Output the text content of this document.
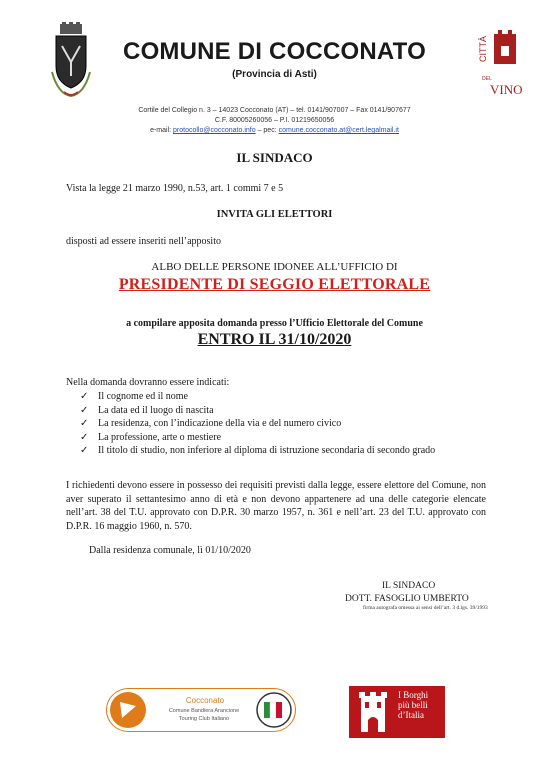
COMUNE DI COCCONATO
(Provincia di Asti)
CITTÀ
DEL
VINO
Cortile del Collegio n. 3 – 14023 Cocconato (AT) – tel. 0141/907007 – Fax 0141/907677
C.F. 80005260056 – P.I. 01219650056
e-mail: protocollo@cocconato.info – pec: comune.cocconato.at@cert.legalmail.it
IL SINDACO
Vista la legge 21 marzo 1990, n.53, art. 1 commi 7 e 5
INVITA GLI ELETTORI
disposti ad essere inseriti nell’apposito
ALBO DELLE PERSONE IDONEE ALL’UFFICIO DI
PRESIDENTE DI SEGGIO ELETTORALE
a compilare apposita domanda presso l’Ufficio Elettorale del Comune
ENTRO IL 31/10/2020
Nella domanda dovranno essere indicati:
✓ Il cognome ed il nome
✓ La data ed il luogo di nascita
✓ La residenza, con l’indicazione della via e del numero civico
✓ La professione, arte o mestiere
✓ Il titolo di studio, non inferiore al diploma di istruzione secondaria di secondo grado
I richiedenti devono essere in possesso dei requisiti previsti dalla legge, essere elettore del Comune, non aver superato il settantesimo anno di età e non devono appartenere ad una delle categorie elencate nell’art. 38 del T.U. approvato con D.P.R. 30 marzo 1957, n. 361 e nell’art. 23 del T.U. approvato con D.P.R. 16 maggio 1960, n. 570.
Dalla residenza comunale, lì 01/10/2020
IL SINDACO
DOTT. FASOGLIO UMBERTO
firma autografa omessa ai sensi dell’art. 3 d.lgs. 39/1993
Cocconato
Comune Bandiera Arancione
Touring Club Italiano
I Borghi
più belli
d’Italia
